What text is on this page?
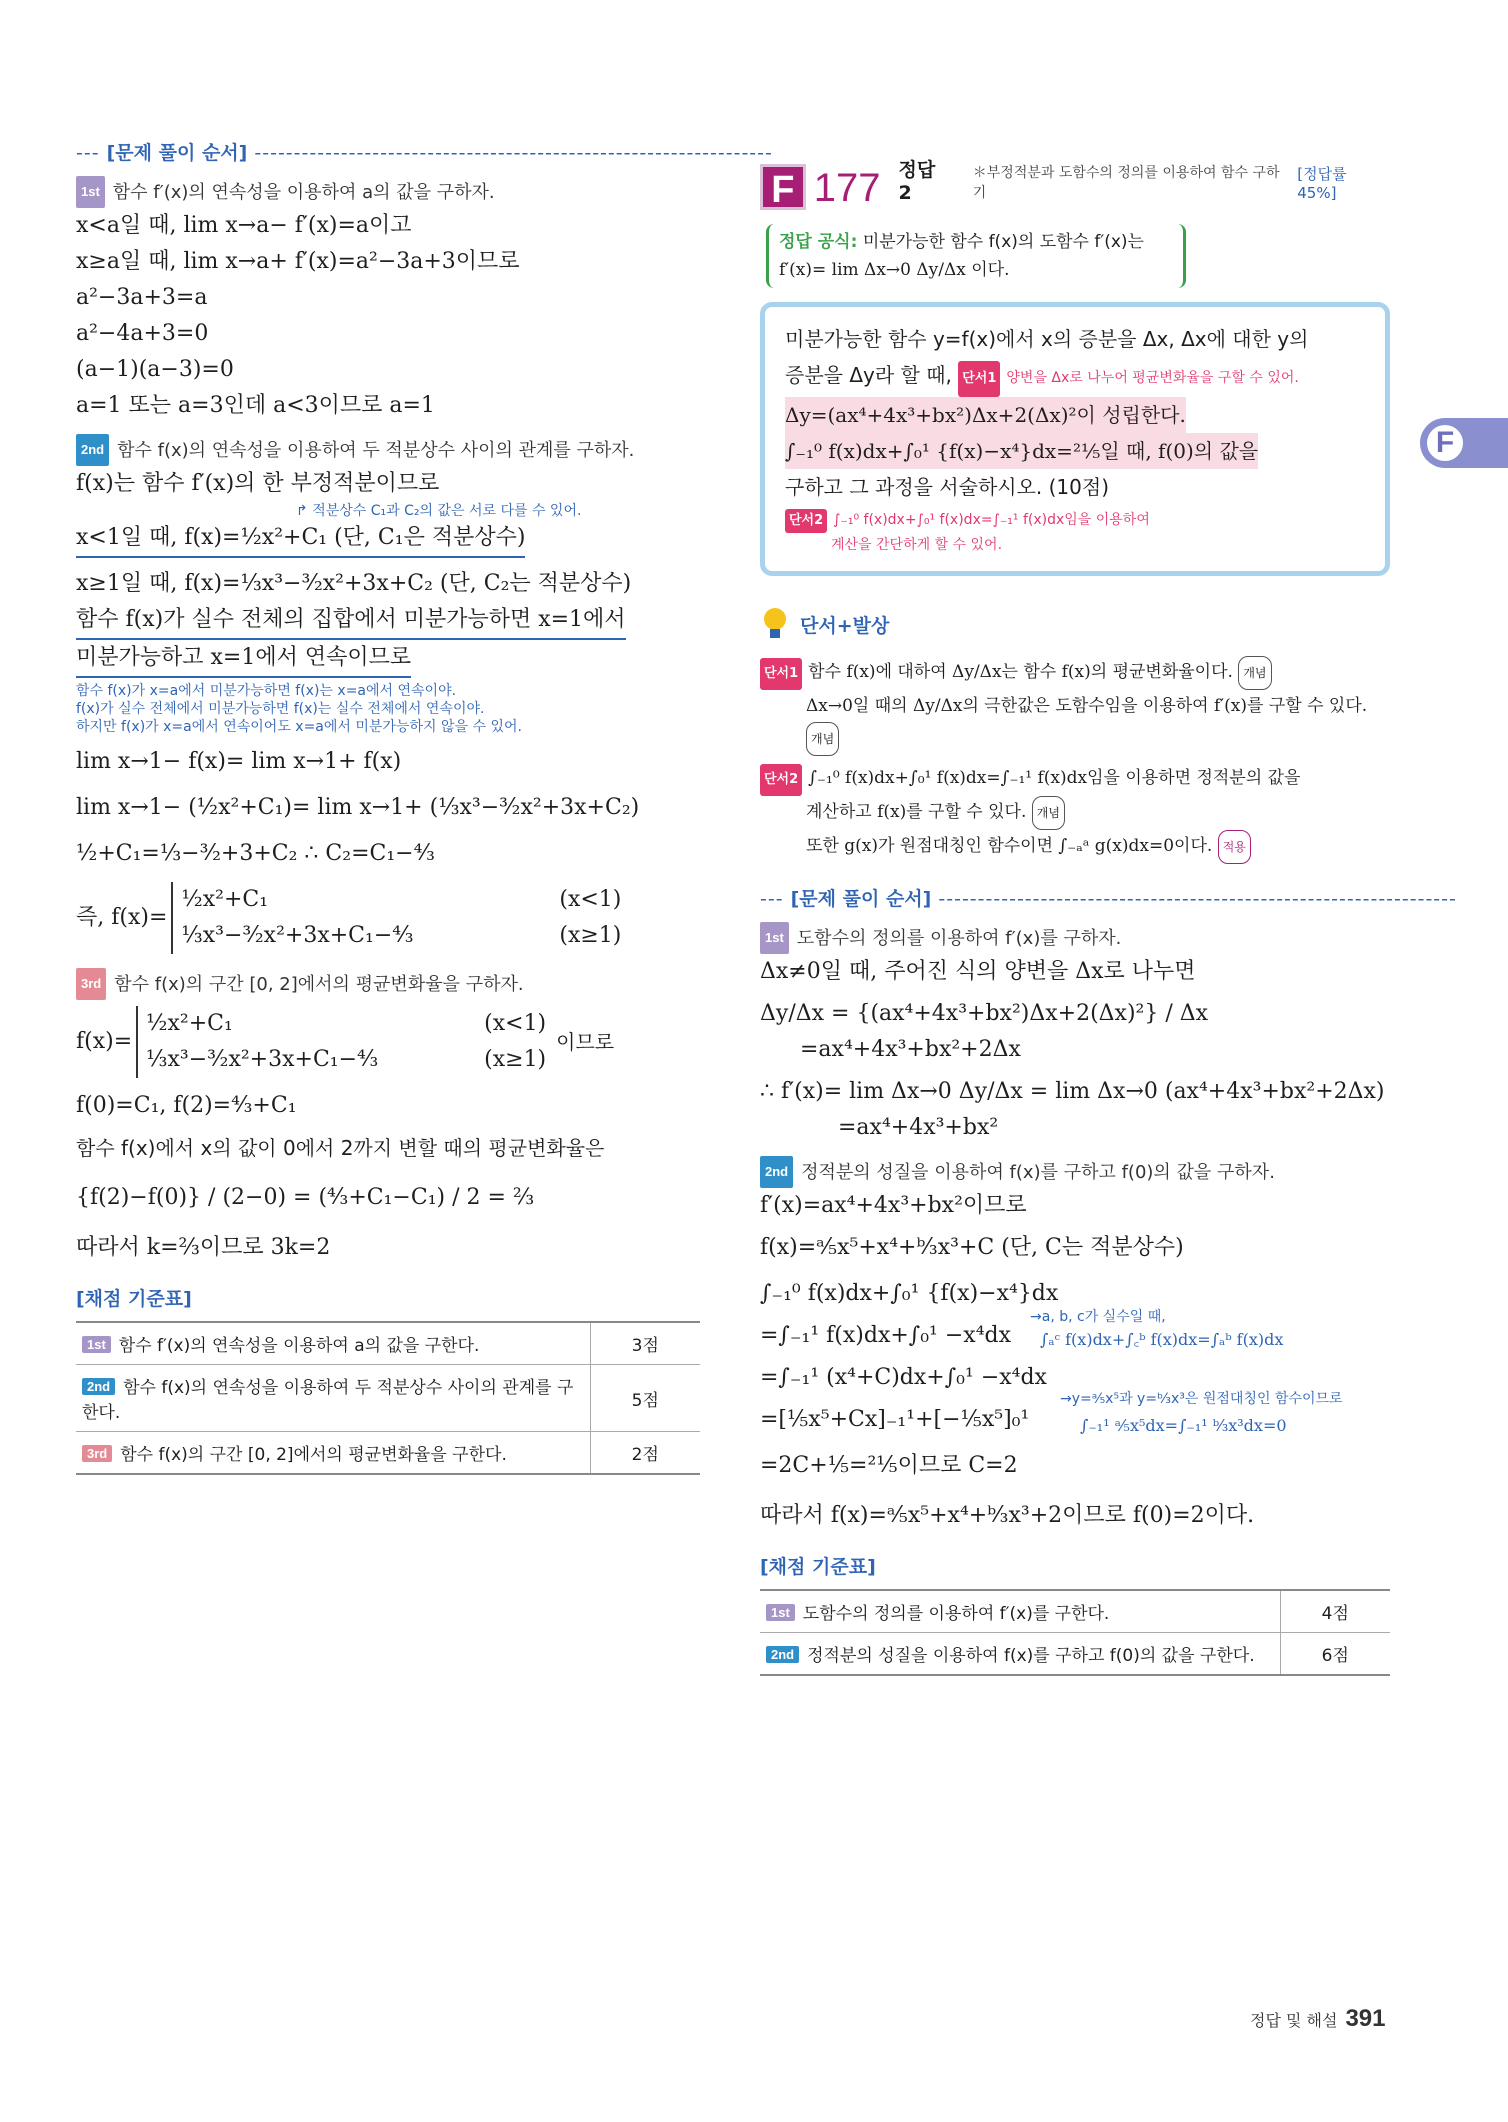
--- [문제 풀이 순서] ------------------------------------------------------------------
1st 함수 f′(x)의 연속성을 이용하여 a의 값을 구하자.
x<a일 때, lim x→a− f′(x)=a이고
x≥a일 때, lim x→a+ f′(x)=a²−3a+3이므로
a²−3a+3=a
a²−4a+3=0
(a−1)(a−3)=0
a=1 또는 a=3인데 a<3이므로 a=1
2nd 함수 f(x)의 연속성을 이용하여 두 적분상수 사이의 관계를 구하자.
f(x)는 함수 f′(x)의 한 부정적분이므로
↱ 적분상수 C₁과 C₂의 값은 서로 다를 수 있어.
x<1일 때, f(x)=½x²+C₁ (단, C₁은 적분상수)
x≥1일 때, f(x)=⅓x³−³⁄₂x²+3x+C₂ (단, C₂는 적분상수)
함수 f(x)가 실수 전체의 집합에서 미분가능하면 x=1에서
미분가능하고 x=1에서 연속이므로
함수 f(x)가 x=a에서 미분가능하면 f(x)는 x=a에서 연속이야.
f(x)가 실수 전체에서 미분가능하면 f(x)는 실수 전체에서 연속이야.
하지만 f(x)가 x=a에서 연속이어도 x=a에서 미분가능하지 않을 수 있어.
lim x→1− f(x)= lim x→1+ f(x)
lim x→1− (½x²+C₁)= lim x→1+ (⅓x³−³⁄₂x²+3x+C₂)
½+C₁=⅓−³⁄₂+3+C₂ ∴ C₂=C₁−⁴⁄₃
즉, f(x)=
½x²+C₁	(x<1)
⅓x³−³⁄₂x²+3x+C₁−⁴⁄₃	(x≥1)
3rd 함수 f(x)의 구간 [0, 2]에서의 평균변화율을 구하자.
f(x)=
½x²+C₁	(x<1)
⅓x³−³⁄₂x²+3x+C₁−⁴⁄₃	(x≥1)
이므로
f(0)=C₁, f(2)=⁴⁄₃+C₁
함수 f(x)에서 x의 값이 0에서 2까지 변할 때의 평균변화율은
{f(2)−f(0)} / (2−0) = (⁴⁄₃+C₁−C₁) / 2 = ⅔
따라서 k=⅔이므로 3k=2
[채점 기준표]
1st 함수 f′(x)의 연속성을 이용하여 a의 값을 구한다.	3점
2nd 함수 f(x)의 연속성을 이용하여 두 적분상수 사이의 관계를 구한다.	5점
3rd 함수 f(x)의 구간 [0, 2]에서의 평균변화율을 구한다.	2점
F 177 정답 2
＊부정적분과 도함수의 정의를 이용하여 함수 구하기
[정답률 45%]
정답 공식: 미분가능한 함수 f(x)의 도함수 f′(x)는
f′(x)= lim Δx→0 Δy/Δx 이다.
미분가능한 함수 y=f(x)에서 x의 증분을 Δx, Δx에 대한 y의
증분을 Δy라 할 때, 단서1 양변을 Δx로 나누어 평균변화율을 구할 수 있어.
Δy=(ax⁴+4x³+bx²)Δx+2(Δx)²이 성립한다. ∫₋₁⁰ f(x)dx+∫₀¹ {f(x)−x⁴}dx=²¹⁄₅일 때, f(0)의 값을
구하고 그 과정을 서술하시오. (10점)
단서2 ∫₋₁⁰ f(x)dx+∫₀¹ f(x)dx=∫₋₁¹ f(x)dx임을 이용하여
계산을 간단하게 할 수 있어.
단서+발상
단서1 함수 f(x)에 대하여 Δy/Δx는 함수 f(x)의 평균변화율이다. 개념
Δx→0일 때의 Δy/Δx의 극한값은 도함수임을 이용하여 f′(x)를 구할 수 있다. 개념
단서2 ∫₋₁⁰ f(x)dx+∫₀¹ f(x)dx=∫₋₁¹ f(x)dx임을 이용하면 정적분의 값을
계산하고 f(x)를 구할 수 있다. 개념
또한 g(x)가 원점대칭인 함수이면 ∫₋ₐᵃ g(x)dx=0이다. 적용
--- [문제 풀이 순서] ------------------------------------------------------------------
1st 도함수의 정의를 이용하여 f′(x)를 구하자.
Δx≠0일 때, 주어진 식의 양변을 Δx로 나누면
Δy/Δx = {(ax⁴+4x³+bx²)Δx+2(Δx)²} / Δx
=ax⁴+4x³+bx²+2Δx
∴ f′(x)= lim Δx→0 Δy/Δx = lim Δx→0 (ax⁴+4x³+bx²+2Δx)
=ax⁴+4x³+bx²
2nd 정적분의 성질을 이용하여 f(x)를 구하고 f(0)의 값을 구하자.
f′(x)=ax⁴+4x³+bx²이므로
f(x)=ᵃ⁄₅x⁵+x⁴+ᵇ⁄₃x³+C (단, C는 적분상수)
∫₋₁⁰ f(x)dx+∫₀¹ {f(x)−x⁴}dx
=∫₋₁¹ f(x)dx+∫₀¹ −x⁴dx
→a, b, c가 실수일 때,
∫ₐᶜ f(x)dx+∫꜀ᵇ f(x)dx=∫ₐᵇ f(x)dx
=∫₋₁¹ (x⁴+C)dx+∫₀¹ −x⁴dx
=[⅕x⁵+Cx]₋₁¹+[−⅕x⁵]₀¹
→y=ᵃ⁄₅x⁵과 y=ᵇ⁄₃x³은 원점대칭인 함수이므로
∫₋₁¹ ᵃ⁄₅x⁵dx=∫₋₁¹ ᵇ⁄₃x³dx=0
=2C+⅕=²¹⁄₅이므로 C=2
따라서 f(x)=ᵃ⁄₅x⁵+x⁴+ᵇ⁄₃x³+2이므로 f(0)=2이다.
[채점 기준표]
1st 도함수의 정의를 이용하여 f′(x)를 구한다.	4점
2nd 정적분의 성질을 이용하여 f(x)를 구하고 f(0)의 값을 구한다.	6점
F
정답 및 해설 391
